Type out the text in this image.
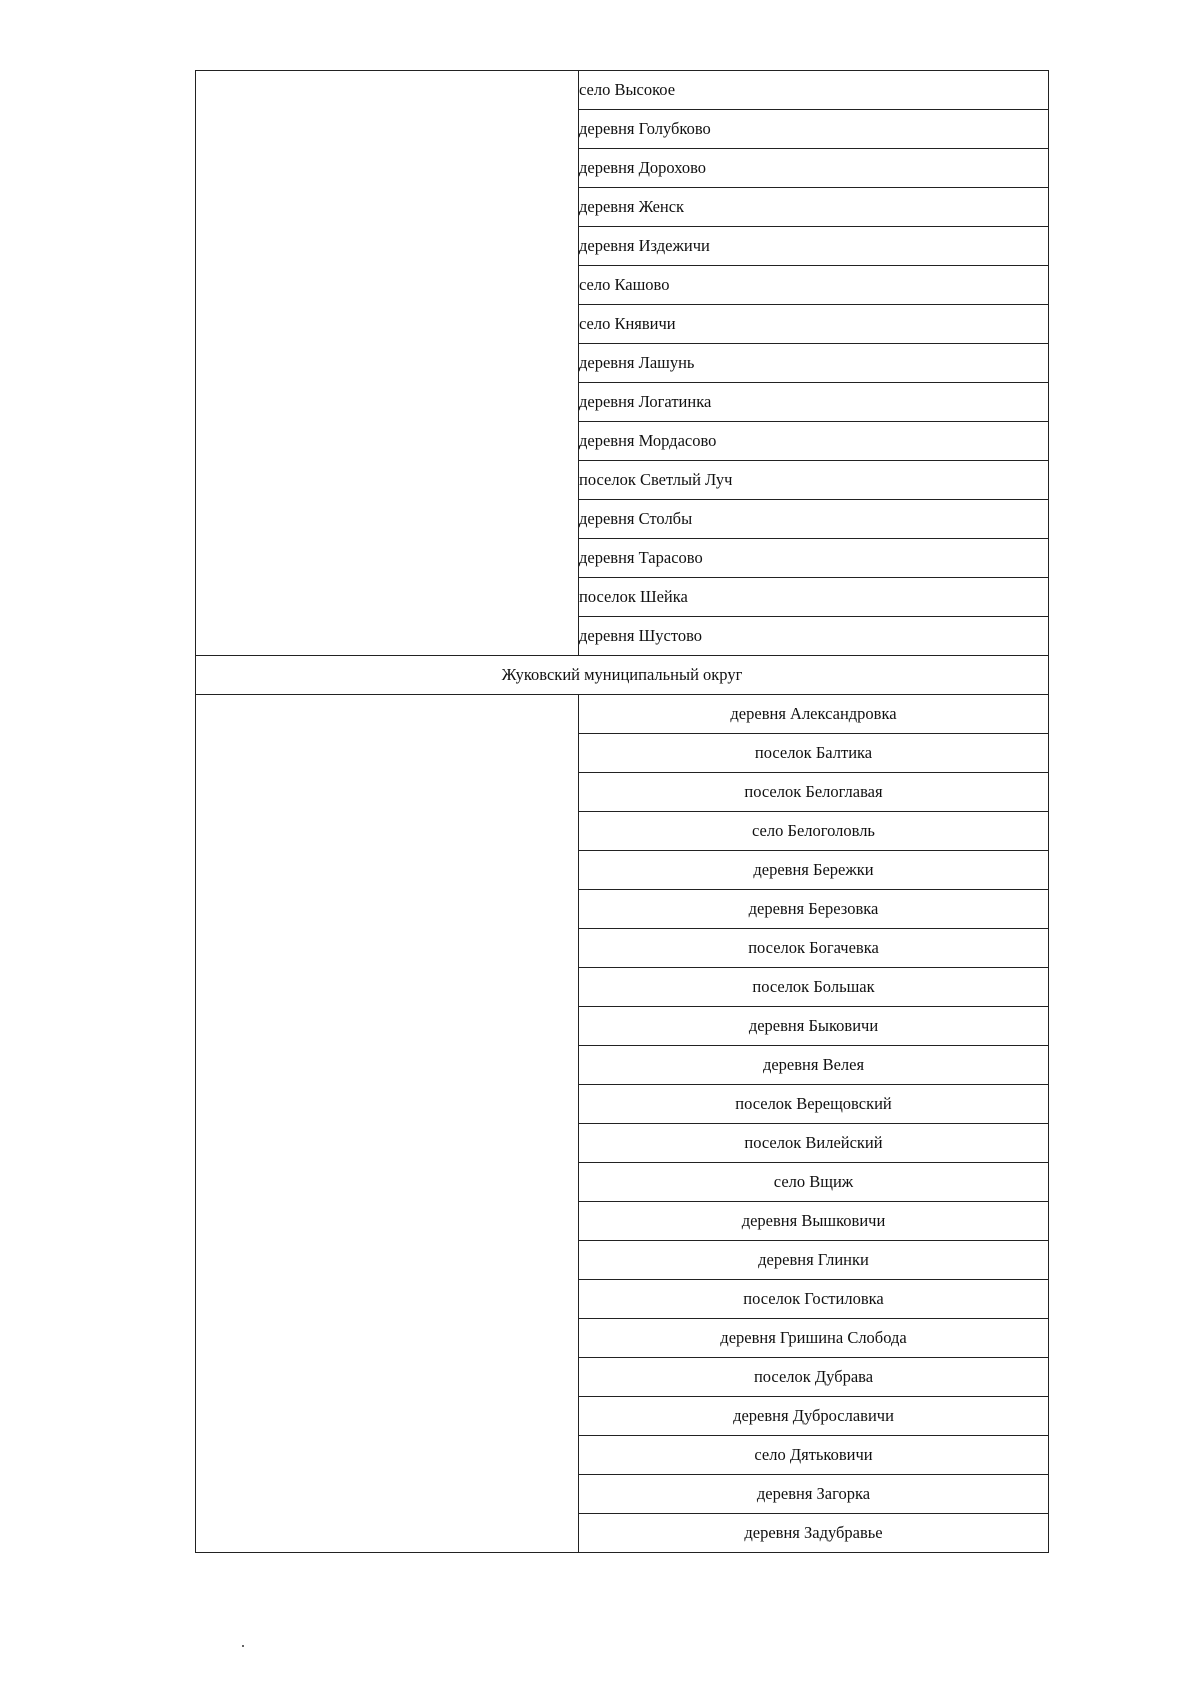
	село Высокое
	деревня Голубково
	деревня Дорохово
	деревня Женск
	деревня Издежичи
	село Кашово
	село Княвичи
	деревня Лашунь
	деревня Логатинка
	деревня Мордасово
	поселок Светлый Луч
	деревня Столбы
	деревня Тарасово
	поселок Шейка
	деревня Шустово
Жуковский муниципальный округ	
	деревня Александровка
	поселок Балтика
	поселок Белоглавая
	село Белоголовль
	деревня Бережки
	деревня Березовка
	поселок Богачевка
	поселок Большак
	деревня Быковичи
	деревня Велея
	поселок Верещовский
	поселок Вилейский
	село Вщиж
	деревня Вышковичи
	деревня Глинки
	поселок Гостиловка
	деревня Гришина Слобода
	поселок Дубрава
	деревня Дуброславичи
	село Дятьковичи
	деревня Загорка
	деревня Задубравье
